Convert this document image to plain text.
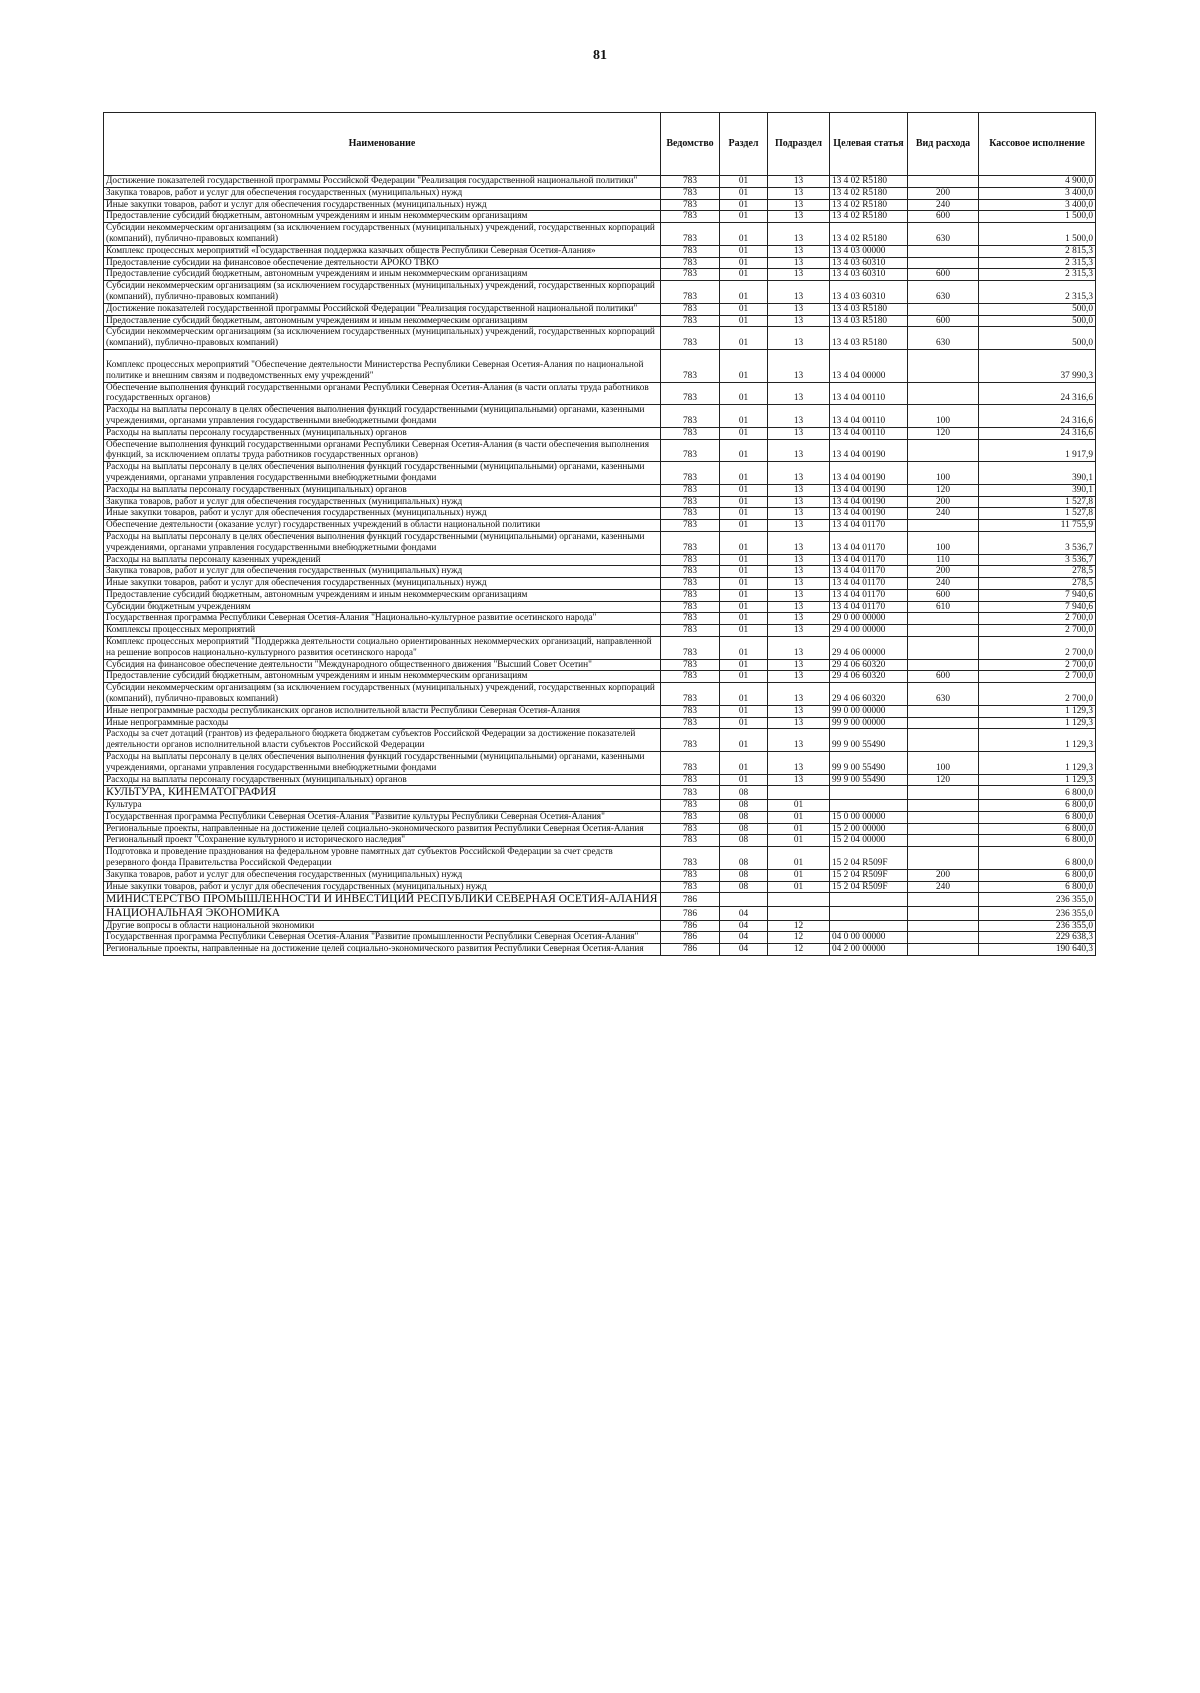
81
Наименование	Ведомство	Раздел	Подраздел	Целевая статья	Вид расхода	Кассовое исполнение
Достижение показателей государственной программы Российской Федерации "Реализация государственной национальной политики"	783	01	13	13 4 02 R5180		4 900,0
Закупка товаров, работ и услуг для обеспечения государственных (муниципальных) нужд	783	01	13	13 4 02 R5180	200	3 400,0
Иные закупки товаров, работ и услуг для обеспечения государственных (муниципальных) нужд	783	01	13	13 4 02 R5180	240	3 400,0
Предоставление субсидий бюджетным, автономным учреждениям и иным некоммерческим организациям	783	01	13	13 4 02 R5180	600	1 500,0
Субсидии некоммерческим организациям (за исключением государственных (муниципальных) учреждений, государственных корпораций (компаний), публично-правовых компаний)	783	01	13	13 4 02 R5180	630	1 500,0
Комплекс процессных мероприятий «Государственная поддержка казачьих обществ Республики Северная Осетия-Алания»	783	01	13	13 4 03 00000		2 815,3
Предоставление субсидии на финансовое обеспечение деятельности АРОКО ТВКО	783	01	13	13 4 03 60310		2 315,3
Предоставление субсидий бюджетным, автономным учреждениям и иным некоммерческим организациям	783	01	13	13 4 03 60310	600	2 315,3
Субсидии некоммерческим организациям (за исключением государственных (муниципальных) учреждений, государственных корпораций (компаний), публично-правовых компаний)	783	01	13	13 4 03 60310	630	2 315,3
Достижение показателей государственной программы Российской Федерации "Реализация государственной национальной политики"	783	01	13	13 4 03 R5180		500,0
Предоставление субсидий бюджетным, автономным учреждениям и иным некоммерческим организациям	783	01	13	13 4 03 R5180	600	500,0
Субсидии некоммерческим организациям (за исключением государственных (муниципальных) учреждений, государственных корпораций (компаний), публично-правовых компаний)	783	01	13	13 4 03 R5180	630	500,0
Комплекс процессных мероприятий "Обеспечение деятельности Министерства Республики Северная Осетия-Алания по национальной политике и внешним связям и подведомственных ему учреждений"	783	01	13	13 4 04 00000		37 990,3
Обеспечение выполнения функций государственными органами Республики Северная Осетия-Алания (в части оплаты труда работников государственных органов)	783	01	13	13 4 04 00110		24 316,6
Расходы на выплаты персоналу в целях обеспечения выполнения функций государственными (муниципальными) органами, казенными учреждениями, органами управления государственными внебюджетными фондами	783	01	13	13 4 04 00110	100	24 316,6
Расходы на выплаты персоналу государственных (муниципальных) органов	783	01	13	13 4 04 00110	120	24 316,6
Обеспечение выполнения функций государственными органами Республики Северная Осетия-Алания (в части обеспечения выполнения функций, за исключением оплаты труда работников государственных органов)	783	01	13	13 4 04 00190		1 917,9
Расходы на выплаты персоналу в целях обеспечения выполнения функций государственными (муниципальными) органами, казенными учреждениями, органами управления государственными внебюджетными фондами	783	01	13	13 4 04 00190	100	390,1
Расходы на выплаты персоналу государственных (муниципальных) органов	783	01	13	13 4 04 00190	120	390,1
Закупка товаров, работ и услуг для обеспечения государственных (муниципальных) нужд	783	01	13	13 4 04 00190	200	1 527,8
Иные закупки товаров, работ и услуг для обеспечения государственных (муниципальных) нужд	783	01	13	13 4 04 00190	240	1 527,8
Обеспечение деятельности (оказание услуг) государственных учреждений в области национальной политики	783	01	13	13 4 04 01170		11 755,9
Расходы на выплаты персоналу в целях обеспечения выполнения функций государственными (муниципальными) органами, казенными учреждениями, органами управления государственными внебюджетными фондами	783	01	13	13 4 04 01170	100	3 536,7
Расходы на выплаты персоналу казенных учреждений	783	01	13	13 4 04 01170	110	3 536,7
Закупка товаров, работ и услуг для обеспечения государственных (муниципальных) нужд	783	01	13	13 4 04 01170	200	278,5
Иные закупки товаров, работ и услуг для обеспечения государственных (муниципальных) нужд	783	01	13	13 4 04 01170	240	278,5
Предоставление субсидий бюджетным, автономным учреждениям и иным некоммерческим организациям	783	01	13	13 4 04 01170	600	7 940,6
Субсидии бюджетным учреждениям	783	01	13	13 4 04 01170	610	7 940,6
Государственная программа Республики Северная Осетия-Алания "Национально-культурное развитие осетинского народа"	783	01	13	29 0 00 00000		2 700,0
Комплексы процессных мероприятий	783	01	13	29 4 00 00000		2 700,0
Комплекс процессных мероприятий "Поддержка деятельности социально ориентированных некоммерческих организаций, направленной на решение вопросов национально-культурного развития осетинского народа"	783	01	13	29 4 06 00000		2 700,0
Субсидия на финансовое обеспечение деятельности "Международного общественного движения "Высший Совет Осетин"	783	01	13	29 4 06 60320		2 700,0
Предоставление субсидий бюджетным, автономным учреждениям и иным некоммерческим организациям	783	01	13	29 4 06 60320	600	2 700,0
Субсидии некоммерческим организациям (за исключением государственных (муниципальных) учреждений, государственных корпораций (компаний), публично-правовых компаний)	783	01	13	29 4 06 60320	630	2 700,0
Иные непрограммные расходы республиканских органов исполнительной власти Республики Северная Осетия-Алания	783	01	13	99 0 00 00000		1 129,3
Иные непрограммные расходы	783	01	13	99 9 00 00000		1 129,3
Расходы за счет дотаций (грантов) из федерального бюджета бюджетам субъектов Российской Федерации за достижение показателей деятельности органов исполнительной власти субъектов Российской Федерации	783	01	13	99 9 00 55490		1 129,3
Расходы на выплаты персоналу в целях обеспечения выполнения функций государственными (муниципальными) органами, казенными учреждениями, органами управления государственными внебюджетными фондами	783	01	13	99 9 00 55490	100	1 129,3
Расходы на выплаты персоналу государственных (муниципальных) органов	783	01	13	99 9 00 55490	120	1 129,3
КУЛЬТУРА, КИНЕМАТОГРАФИЯ	783	08				6 800,0
Культура	783	08	01			6 800,0
Государственная программа Республики Северная Осетия-Алания "Развитие культуры Республики Северная Осетия-Алания"	783	08	01	15 0 00 00000		6 800,0
Региональные проекты, направленные на достижение целей социально-экономического развития Республики Северная Осетия-Алания	783	08	01	15 2 00 00000		6 800,0
Региональный проект "Сохранение культурного и исторического наследия"	783	08	01	15 2 04 00000		6 800,0
Подготовка и проведение празднования на федеральном уровне памятных дат субъектов Российской Федерации за счет средств резервного фонда Правительства Российской Федерации	783	08	01	15 2 04 R509F		6 800,0
Закупка товаров, работ и услуг для обеспечения государственных (муниципальных) нужд	783	08	01	15 2 04 R509F	200	6 800,0
Иные закупки товаров, работ и услуг для обеспечения государственных (муниципальных) нужд	783	08	01	15 2 04 R509F	240	6 800,0
МИНИСТЕРСТВО ПРОМЫШЛЕННОСТИ И ИНВЕСТИЦИЙ РЕСПУБЛИКИ СЕВЕРНАЯ ОСЕТИЯ-АЛАНИЯ	786					236 355,0
НАЦИОНАЛЬНАЯ ЭКОНОМИКА	786	04				236 355,0
Другие вопросы в области национальной экономики	786	04	12			236 355,0
Государственная программа Республики Северная Осетия-Алания "Развитие промышленности Республики Северная Осетия-Алания"	786	04	12	04 0 00 00000		229 638,3
Региональные проекты, направленные на достижение целей социально-экономического развития Республики Северная Осетия-Алания	786	04	12	04 2 00 00000		190 640,3
